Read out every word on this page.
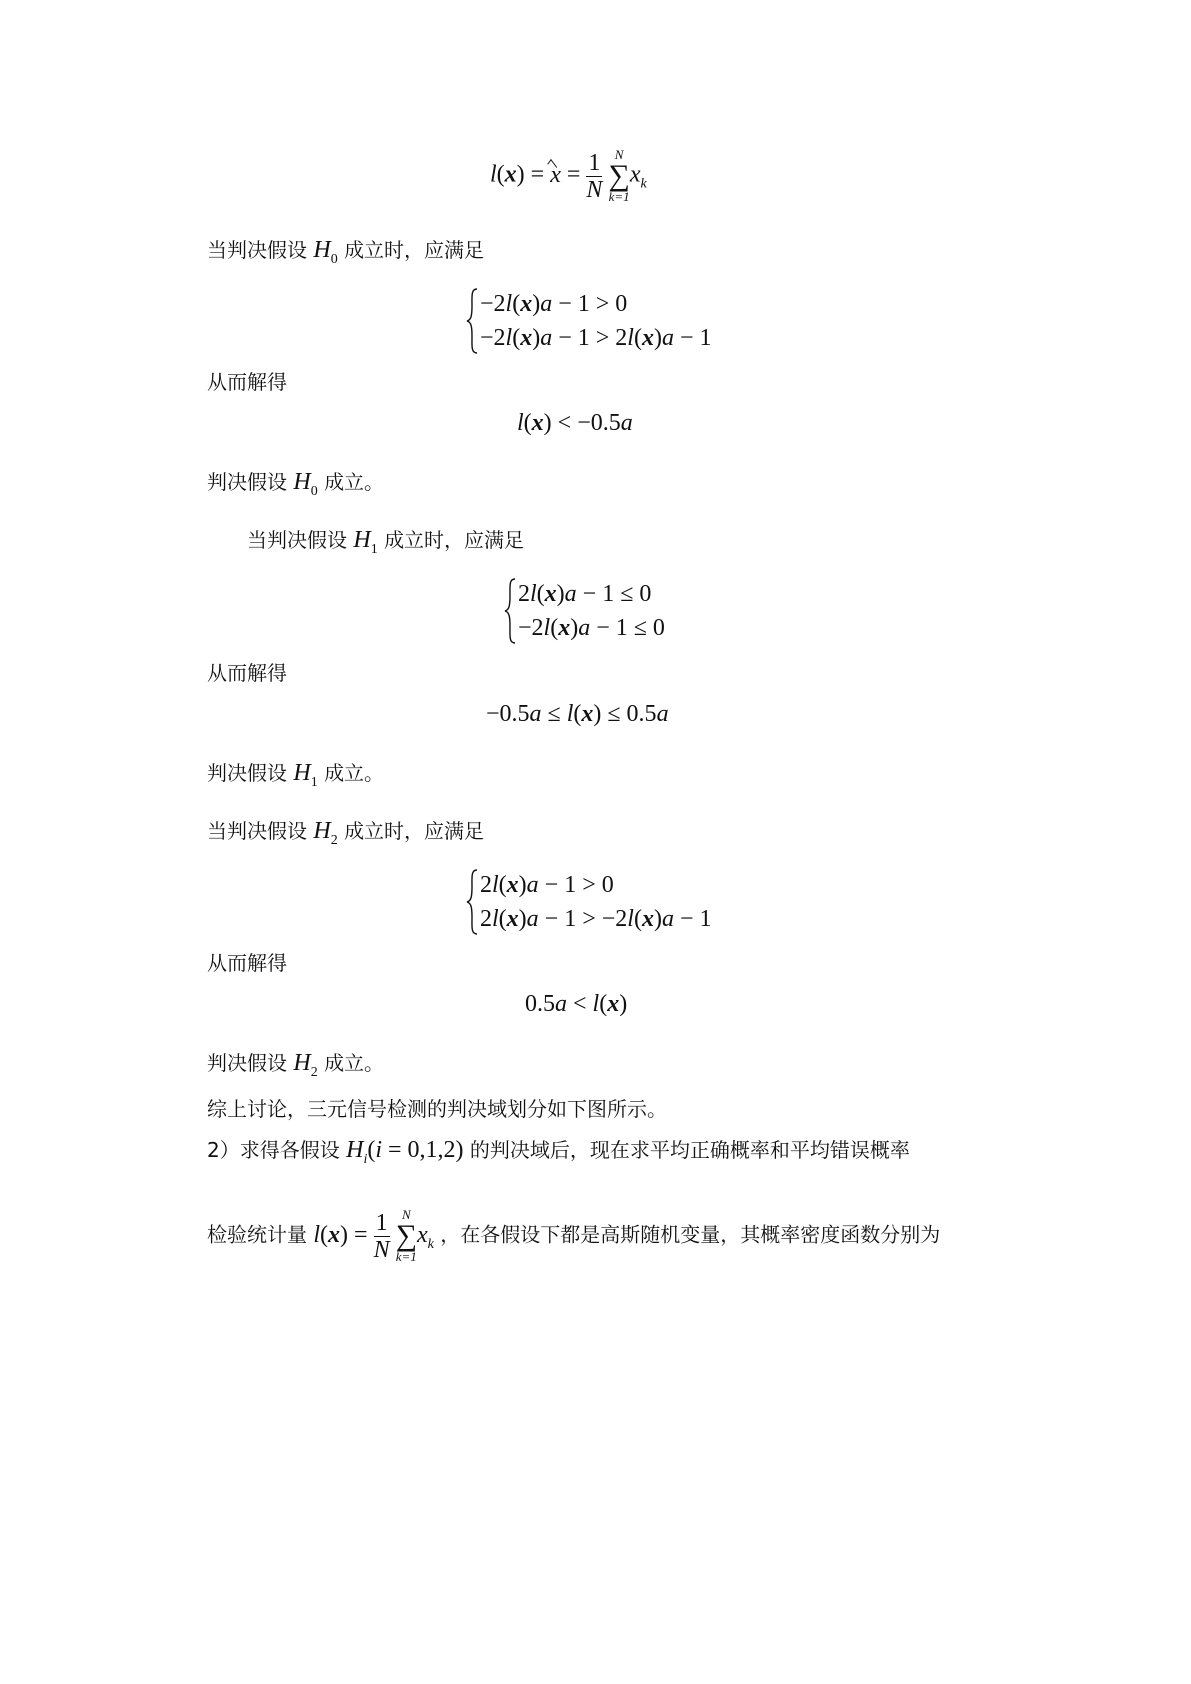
$l(x) = x = \frac{1}{N}$
N
∑
k=1
$x_k$
当判决假设 $H_0$ 成立时，应满足
−2l(x)a − 1 > 0
−2l(x)a − 1 > 2l(x)a − 1
从而解得
l(x) < −0.5a
判决假设 $H_0$ 成立。
当判决假设 $H_1$ 成立时，应满足
2l(x)a − 1 ≤ 0
−2l(x)a − 1 ≤ 0
从而解得
−0.5a ≤ l(x) ≤ 0.5a
判决假设 $H_1$ 成立。
当判决假设 $H_2$ 成立时，应满足
2l(x)a − 1 > 0
2l(x)a − 1 > −2l(x)a − 1
从而解得
0.5a < l(x)
判决假设 $H_2$ 成立。
综上讨论，三元信号检测的判决域划分如下图所示。
2）求得各假设 $H_i(i = 0,1,2)$ 的判决域后，现在求平均正确概率和平均错误概率
检验统计量 $l(x) = \frac{1}{N}$
N
∑
k=1
$x_k$ ，在各假设下都是高斯随机变量，其概率密度函数分别为
